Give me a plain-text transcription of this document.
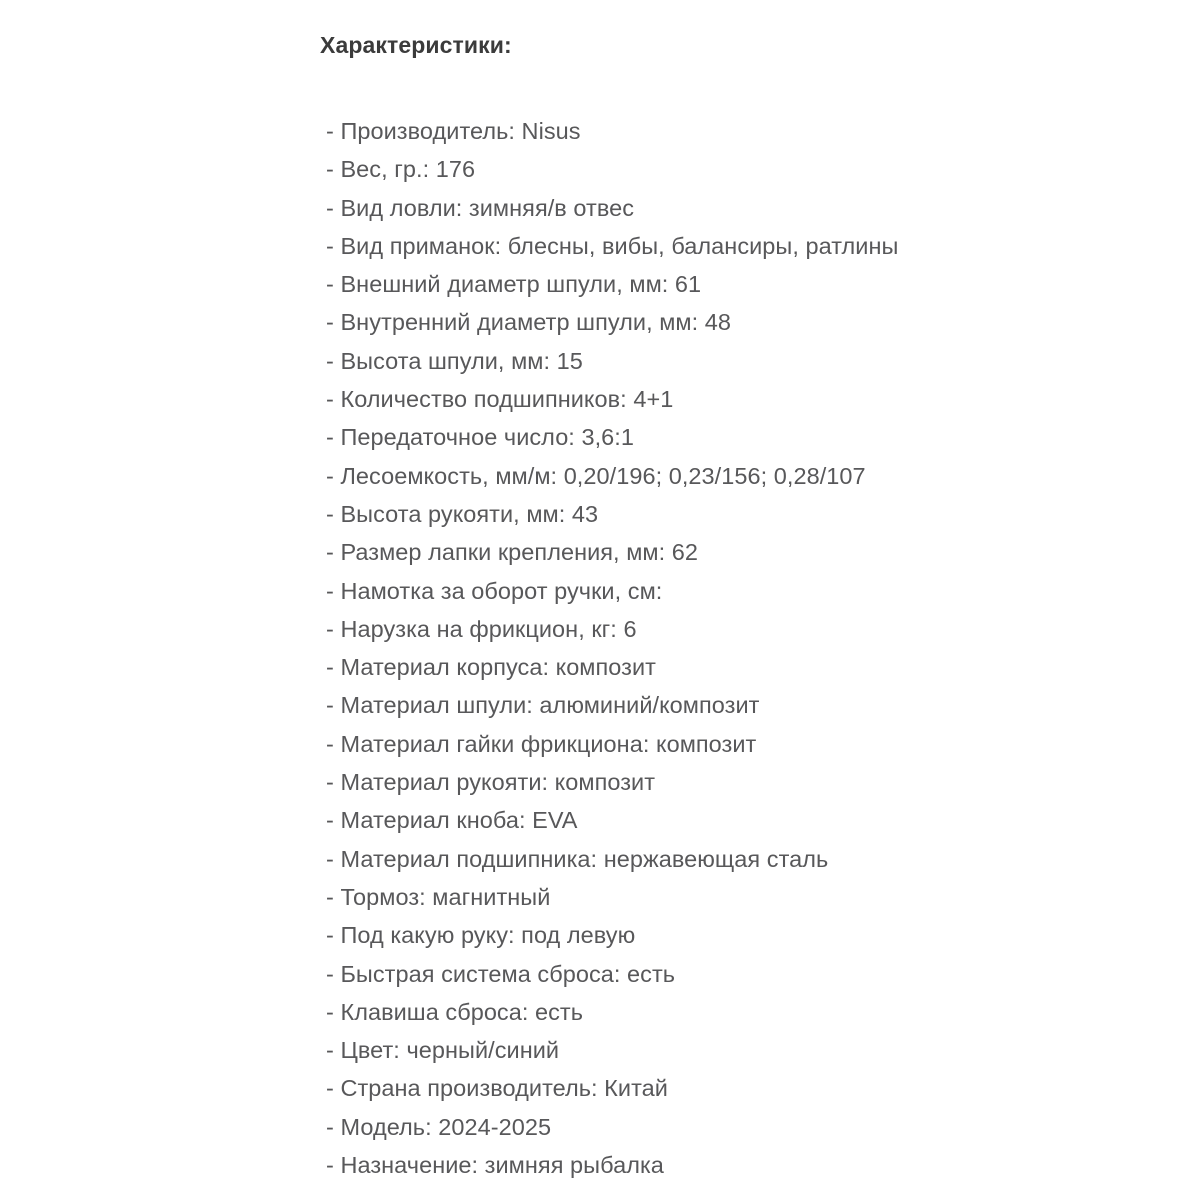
Характеристики:
- Производитель: Nisus
- Вес, гр.: 176
- Вид ловли: зимняя/в отвес
- Вид приманок: блесны, вибы, балансиры, ратлины
- Внешний диаметр шпули, мм: 61
- Внутренний диаметр шпули, мм: 48
- Высота шпули, мм: 15
- Количество подшипников: 4+1
- Передаточное число: 3,6:1
- Лесоемкость, мм/м: 0,20/196; 0,23/156; 0,28/107
- Высота рукояти, мм: 43
- Размер лапки крепления, мм: 62
- Намотка за оборот ручки, см:
- Нарузка на фрикцион, кг: 6
- Материал корпуса: композит
- Материал шпули: алюминий/композит
- Материал гайки фрикциона: композит
- Материал рукояти: композит
- Материал кноба: EVA
- Материал подшипника: нержавеющая сталь
- Тормоз: магнитный
- Под какую руку: под левую
- Быстрая система сброса: есть
- Клавиша сброса: есть
- Цвет: черный/синий
- Страна производитель: Китай
- Модель: 2024-2025
- Назначение: зимняя рыбалка
